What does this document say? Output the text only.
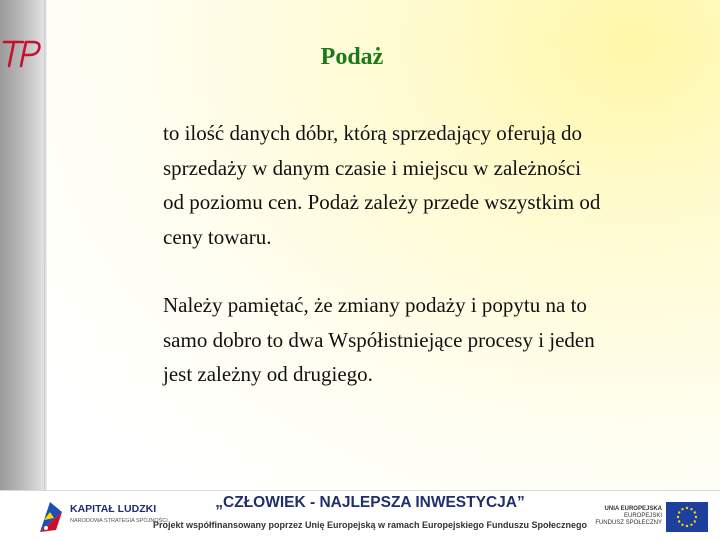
Podaż

to ilość danych dóbr, którą sprzedający oferują do sprzedaży w danym czasie i miejscu w zależności od poziomu cen. Podaż zależy przede wszystkim od ceny towaru.

Należy pamiętać, że zmiany podaży i popytu na to samo dobro to dwa Współistniejące procesy i jeden jest zależny od drugiego.

KAPITAŁ LUDZKI
NARODOWA STRATEGIA SPÓJNOŚCI
„CZŁOWIEK - NAJLEPSZA INWESTYCJA”
Projekt współfinansowany poprzez Unię Europejską w ramach Europejskiego Funduszu Społecznego
UNIA EUROPEJSKA
EUROPEJSKI
FUNDUSZ SPOŁECZNY
